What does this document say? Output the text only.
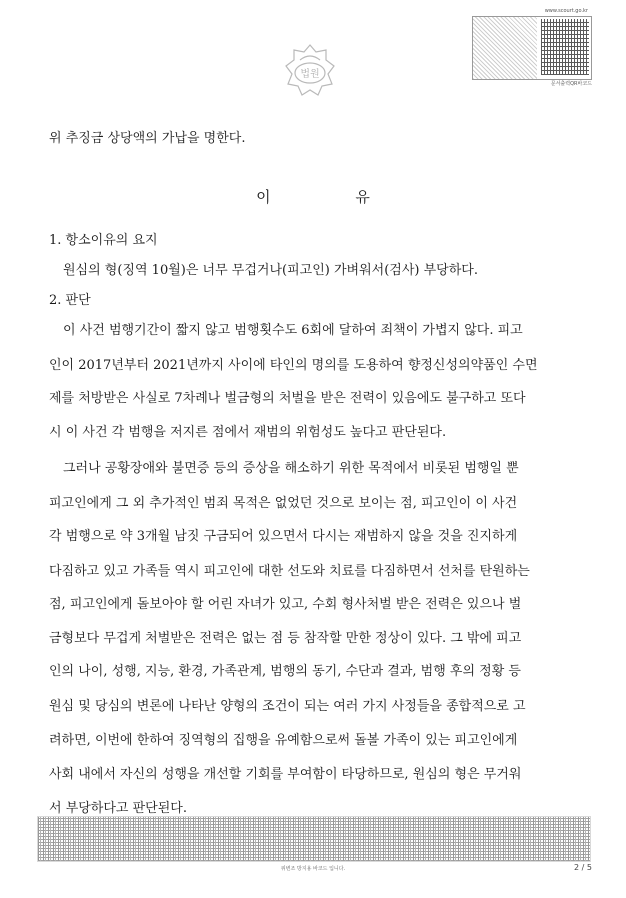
www.scourt.go.kr
문서출력QR바코드
법원
위 추징금 상당액의 가납을 명한다.
이 유
1. 항소이유의 요지
원심의 형(징역 10월)은 너무 무겁거나(피고인) 가벼워서(검사) 부당하다.
2. 판단
이 사건 범행기간이 짧지 않고 범행횟수도 6회에 달하여 죄책이 가볍지 않다. 피고
인이 2017년부터 2021년까지 사이에 타인의 명의를 도용하여 향정신성의약품인 수면
제를 처방받은 사실로 7차례나 벌금형의 처벌을 받은 전력이 있음에도 불구하고 또다
시 이 사건 각 범행을 저지른 점에서 재범의 위험성도 높다고 판단된다.
그러나 공황장애와 불면증 등의 증상을 해소하기 위한 목적에서 비롯된 범행일 뿐
피고인에게 그 외 추가적인 범죄 목적은 없었던 것으로 보이는 점, 피고인이 이 사건
각 범행으로 약 3개월 남짓 구금되어 있으면서 다시는 재범하지 않을 것을 진지하게
다짐하고 있고 가족들 역시 피고인에 대한 선도와 치료를 다짐하면서 선처를 탄원하는
점, 피고인에게 돌보아야 할 어린 자녀가 있고, 수회 형사처벌 받은 전력은 있으나 벌
금형보다 무겁게 처벌받은 전력은 없는 점 등 참작할 만한 정상이 있다. 그 밖에 피고
인의 나이, 성행, 지능, 환경, 가족관계, 범행의 동기, 수단과 결과, 범행 후의 정황 등
원심 및 당심의 변론에 나타난 양형의 조건이 되는 여러 가지 사정들을 종합적으로 고
려하면, 이번에 한하여 징역형의 집행을 유예함으로써 돌볼 가족이 있는 피고인에게
사회 내에서 자신의 성행을 개선할 기회를 부여함이 타당하므로, 원심의 형은 무거워
서 부당하다고 판단된다.
위변조 방지용 바코드 입니다.	2 / 5
